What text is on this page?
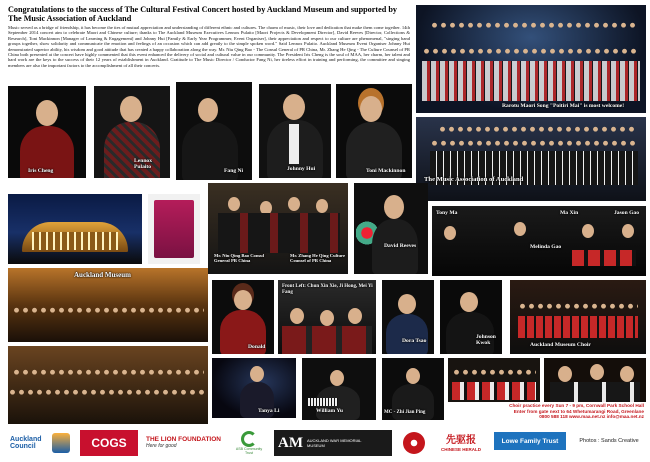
Congratulations to the success of The Cultural Festival Concert hosted by Auckland Museum and supported by The Music Association of Auckland
Music served as a bridge of friendship, it has become the ties of mutual appreciation and understanding of different ethnic and cultures. The charm of music, their love and dedication that make them come together. 14th September 2014 concert aim to celebrate Maori and Chinese culture; thanks to The Auckland Museum Executives Lennox Pulaito [Maori Projects & Development Director], David Reeves [Director, Collections & Research], Toni Mackinnon [Manager of Learning & Engagement] and Johnny Hui [Family & Early Year Programmer, Event Organiser], their appreciation and respect to our culture are phenomenal, "singing band groups together, show solidarity and communicate the emotion and feelings of an occasion which can add greatly to the simple spoken word." Said Lennox Pulaito. Auckland Museum Event Organiser Johnny Hui demonstrated superior ability, his wisdom and good attitude that has created a happy collaboration along the way. Mr. Niu Qing Bao - The Consul General of PR China, Mr. Zhang He Qing - The Culture Counsel of PR China both presented at the concert have highly commented that this event enhanced the delivery of social and cultural value in our community. The President Iris Cheng is the soul of MAA, her charm, her talent and hard work are the keys to the success of their 12 years of establishment in Auckland. Gratitude to The Music Director / Conductor Fang Ni, her tireless effort in training and performing, the committee and singing members are also the important factors to the accomplishment of all their concerts.
Rarotu Maori Song "Poitiri Mai" is most welcome!
Iris Cheng
Lennox Pulaito
Fang Ni	Johnny Hui	Toni Mackinnon
The Music Association of Auckland
Mr. Niu Qing Bao Consul General PR China
Mr. Zhang He Qing Culture Counsel of PR China
David Reeves
Tony Ma	Ma Xin	Jason Gao
Melinda Gao
Auckland Museum
Donald
Front Left: Chun Xin Xie, Ji Hong, Mei Yi Fang
Dora Tsao
Johnson Kwok	Auckland Museum Choir
Tanya Li	William Yu	MC - Zhi Jian Ping
Choir practice every Sun 7 - 9 pm, Cornwall Park School Hall
Enter from gate next to 64 Whetumarangi Road, Greenlane
0800 588 118 www.maa.net.nz info@maa.net.nz
Auckland Council	COGS	THE LION FOUNDATION
Here for good	ASB Community Trust
AM AUCKLAND WAR MEMORIAL MUSEUM	先驱报
CHINESE HERALD
Lowe Family Trust	Photos : Sands Creative
